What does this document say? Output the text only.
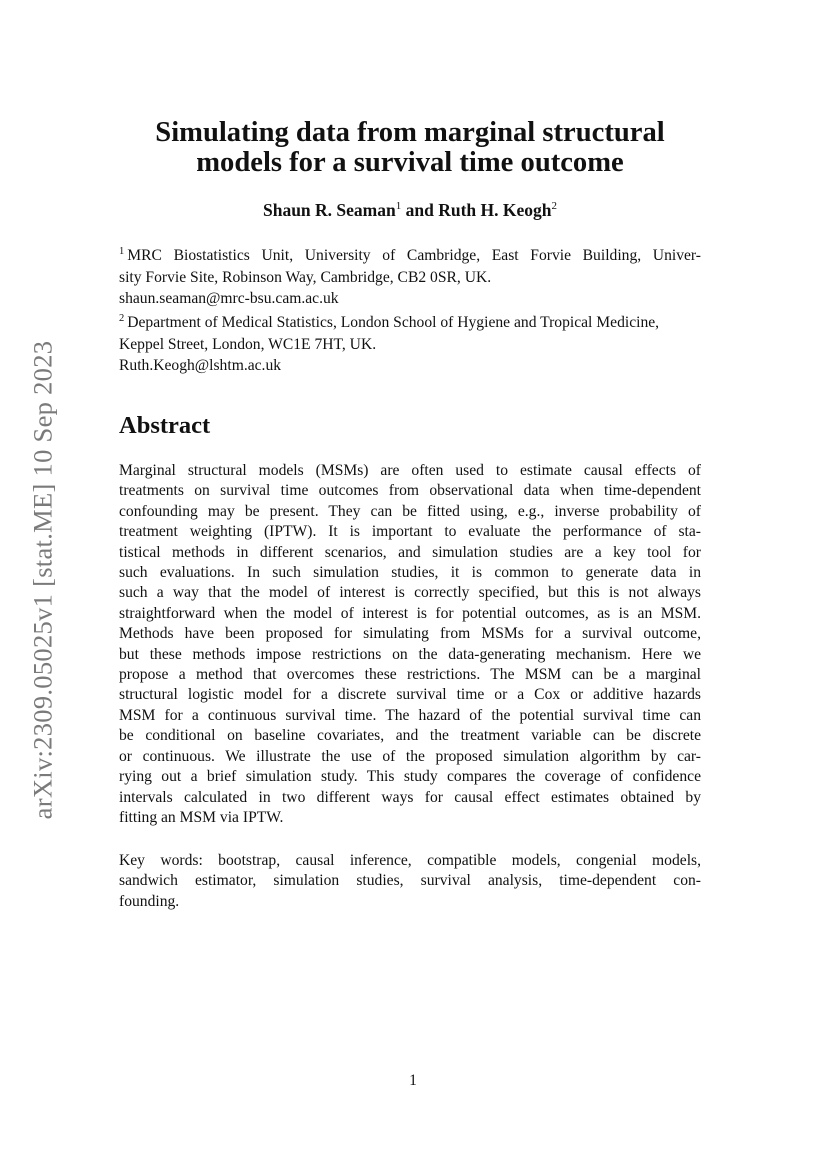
arXiv:2309.05025v1 [stat.ME] 10 Sep 2023
Simulating data from marginal structural
models for a survival time outcome
Shaun R. Seaman$^1$ and Ruth H. Keogh$^2$
$^1$ MRC Biostatistics Unit, University of Cambridge, East Forvie Building, Univer-
sity Forvie Site, Robinson Way, Cambridge, CB2 0SR, UK.
shaun.seaman@mrc-bsu.cam.ac.uk
$^2$ Department of Medical Statistics, London School of Hygiene and Tropical Medicine,
Keppel Street, London, WC1E 7HT, UK.
Ruth.Keogh@lshtm.ac.uk
Abstract
Marginal structural models (MSMs) are often used to estimate causal effects of
treatments on survival time outcomes from observational data when time-dependent
confounding may be present. They can be fitted using, e.g., inverse probability of
treatment weighting (IPTW). It is important to evaluate the performance of sta-
tistical methods in different scenarios, and simulation studies are a key tool for
such evaluations. In such simulation studies, it is common to generate data in
such a way that the model of interest is correctly specified, but this is not always
straightforward when the model of interest is for potential outcomes, as is an MSM.
Methods have been proposed for simulating from MSMs for a survival outcome,
but these methods impose restrictions on the data-generating mechanism. Here we
propose a method that overcomes these restrictions. The MSM can be a marginal
structural logistic model for a discrete survival time or a Cox or additive hazards
MSM for a continuous survival time. The hazard of the potential survival time can
be conditional on baseline covariates, and the treatment variable can be discrete
or continuous. We illustrate the use of the proposed simulation algorithm by car-
rying out a brief simulation study. This study compares the coverage of confidence
intervals calculated in two different ways for causal effect estimates obtained by
fitting an MSM via IPTW.
Key words: bootstrap, causal inference, compatible models, congenial models,
sandwich estimator, simulation studies, survival analysis, time-dependent con-
founding.
1
